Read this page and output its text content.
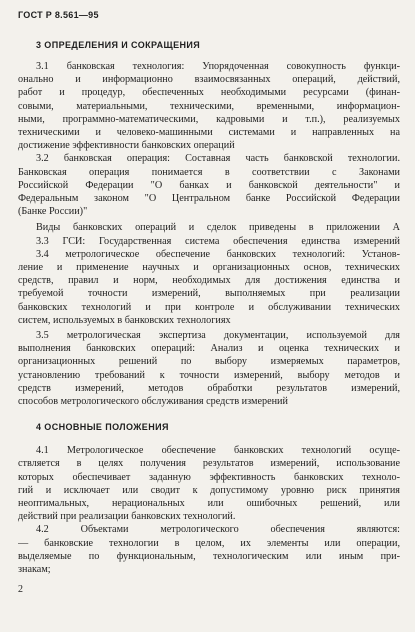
ГОСТ Р 8.561—95
3 ОПРЕДЕЛЕНИЯ И СОКРАЩЕНИЯ
3.1 банковская технология: Упорядоченная совокупность функци-
онально и информационно взаимосвязанных операций, действий,
работ и процедур, обеспеченных необходимыми ресурсами (финан-
совыми, материальными, техническими, временными, информацион-
ными, программно-математическими, кадровыми и т.п.), реализуемых
техническими и человеко-машинными системами и направленных на
достижение эффективности банковских операций
3.2 банковская операция: Составная часть банковской технологии.
Банковская операция понимается в соответствии с Законами
Российской Федерации "О банках и банковской деятельности" и
Федеральным законом "О Центральном банке Российской Федерации
(Банке России)"
Виды банковских операций и сделок приведены в приложении А
3.3 ГСИ: Государственная система обеспечения единства измерений
3.4 метрологическое обеспечение банковских технологий: Установ-
ление и применение научных и организационных основ, технических
средств, правил и норм, необходимых для достижения единства и
требуемой точности измерений, выполняемых при реализации
банковских технологий и при контроле и обслуживании технических
систем, используемых в банковских технологиях
3.5 метрологическая экспертиза документации, используемой для
выполнения банковских операций: Анализ и оценка технических и
организационных решений по выбору измеряемых параметров,
установлению требований к точности измерений, выбору методов и
средств измерений, методов обработки результатов измерений,
способов метрологического обслуживания средств измерений
4 ОСНОВНЫЕ ПОЛОЖЕНИЯ
4.1 Метрологическое обеспечение банковских технологий осуще-
ствляется в целях получения результатов измерений, использование
которых обеспечивает заданную эффективность банковских техноло-
гий и исключает или сводит к допустимому уровню риск принятия
неоптимальных, нерациональных или ошибочных решений, или
действий при реализации банковских технологий.
4.2 Объектами метрологического обеспечения являются:
— банковские технологии в целом, их элементы или операции,
выделяемые по функциональным, технологическим или иным при-
знакам;
2
